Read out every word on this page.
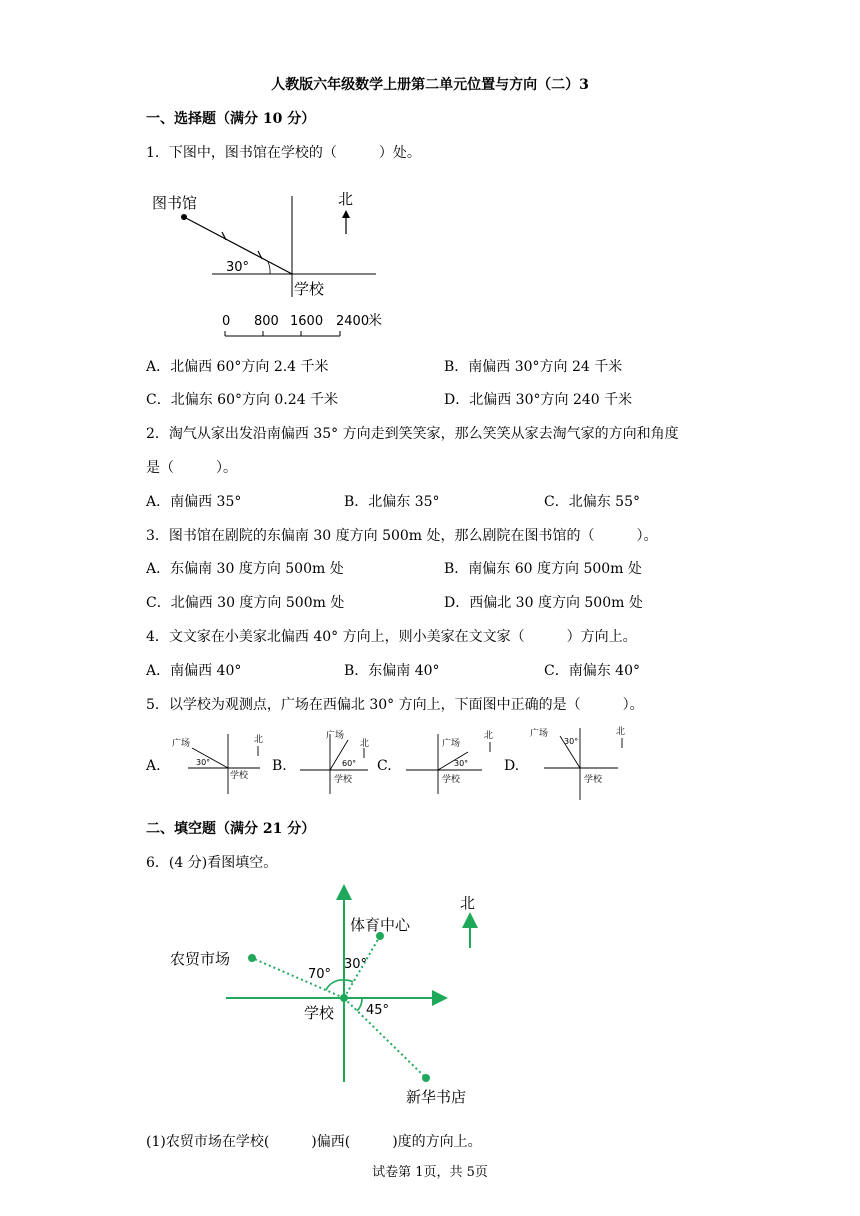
人教版六年级数学上册第二单元位置与方向（二）3
一、选择题（满分 10 分）
1．下图中，图书馆在学校的（　　　）处。
图书馆
30°
学校
北
0 800 1600 2400
米
A．北偏西 60°方向 2.4 千米	B．南偏西 30°方向 24 千米
C．北偏东 60°方向 0.24 千米	D．北偏西 30°方向 240 千米
2．淘气从家出发沿南偏西 35° 方向走到笑笑家，那么笑笑从家去淘气家的方向和角度
是（　　　）。
A．南偏西 35°	B．北偏东 35°	C．北偏东 55°
3．图书馆在剧院的东偏南 30 度方向 500m 处，那么剧院在图书馆的（　　　）。
A．东偏南 30 度方向 500m 处	B．南偏东 60 度方向 500m 处
C．北偏西 30 度方向 500m 处	D．西偏北 30 度方向 500m 处
4．文文家在小美家北偏西 40° 方向上，则小美家在文文家（　　　）方向上。
A．南偏西 40°	B．东偏南 40°	C．南偏东 40°
5．以学校为观测点，广场在西偏北 30° 方向上，下面图中正确的是（　　　）。
A.
广场
30°
学校
北
B.
广场
60°
学校
北
C.
广场
30°
学校
北
D.
广场
30°
学校
北
二、填空题（满分 21 分）
6．(4 分)看图填空。
体育中心
农贸市场
70°
30°
45°
学校
新华书店
北
(1)农贸市场在学校(　　　)偏西(　　　)度的方向上。
试卷第 1页，共 5页
